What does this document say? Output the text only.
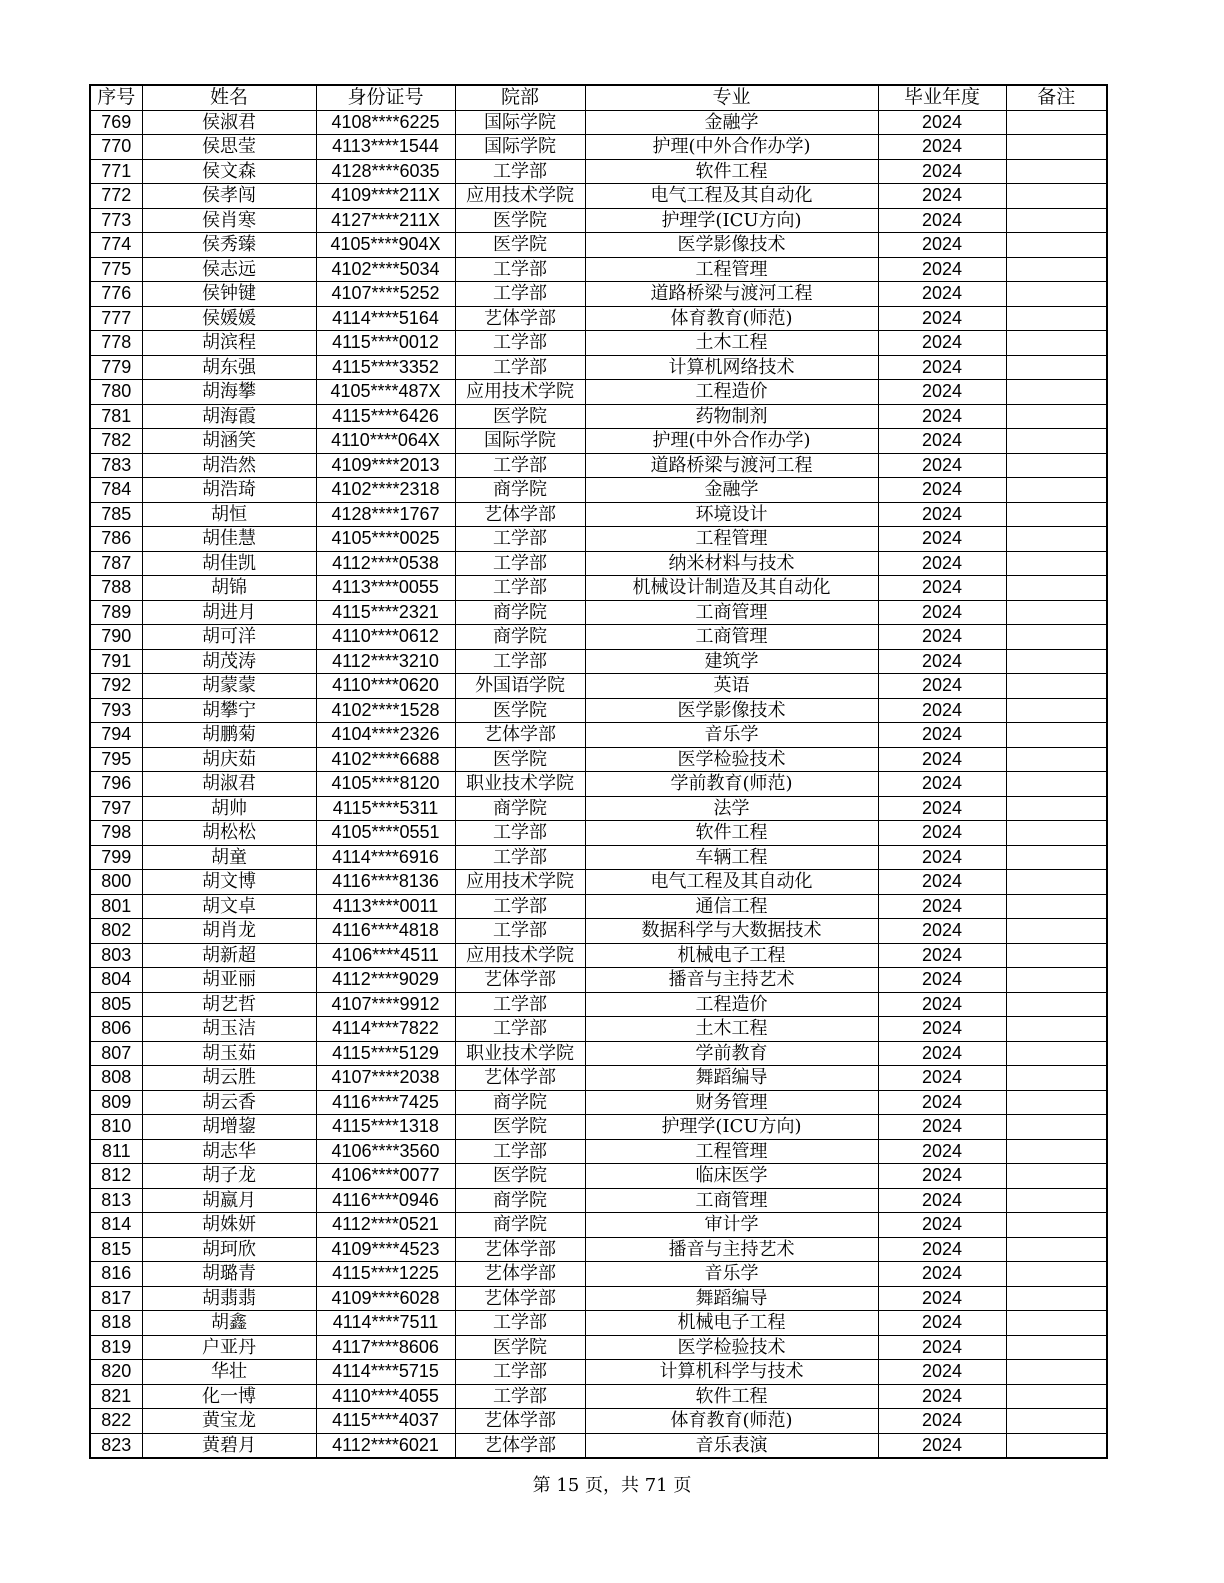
序号	姓名	身份证号	院部	专业	毕业年度	备注
769	侯淑君	4108****6225	国际学院	金融学	2024	
770	侯思莹	4113****1544	国际学院	护理(中外合作办学)	2024	
771	侯文森	4128****6035	工学部	软件工程	2024	
772	侯孝闯	4109****211X	应用技术学院	电气工程及其自动化	2024	
773	侯肖寒	4127****211X	医学院	护理学(ICU方向)	2024	
774	侯秀臻	4105****904X	医学院	医学影像技术	2024	
775	侯志远	4102****5034	工学部	工程管理	2024	
776	侯钟键	4107****5252	工学部	道路桥梁与渡河工程	2024	
777	侯媛媛	4114****5164	艺体学部	体育教育(师范)	2024	
778	胡滨程	4115****0012	工学部	土木工程	2024	
779	胡东强	4115****3352	工学部	计算机网络技术	2024	
780	胡海攀	4105****487X	应用技术学院	工程造价	2024	
781	胡海霞	4115****6426	医学院	药物制剂	2024	
782	胡涵笑	4110****064X	国际学院	护理(中外合作办学)	2024	
783	胡浩然	4109****2013	工学部	道路桥梁与渡河工程	2024	
784	胡浩琦	4102****2318	商学院	金融学	2024	
785	胡恒	4128****1767	艺体学部	环境设计	2024	
786	胡佳慧	4105****0025	工学部	工程管理	2024	
787	胡佳凯	4112****0538	工学部	纳米材料与技术	2024	
788	胡锦	4113****0055	工学部	机械设计制造及其自动化	2024	
789	胡进月	4115****2321	商学院	工商管理	2024	
790	胡可洋	4110****0612	商学院	工商管理	2024	
791	胡茂涛	4112****3210	工学部	建筑学	2024	
792	胡蒙蒙	4110****0620	外国语学院	英语	2024	
793	胡攀宁	4102****1528	医学院	医学影像技术	2024	
794	胡鹏菊	4104****2326	艺体学部	音乐学	2024	
795	胡庆茹	4102****6688	医学院	医学检验技术	2024	
796	胡淑君	4105****8120	职业技术学院	学前教育(师范)	2024	
797	胡帅	4115****5311	商学院	法学	2024	
798	胡松松	4105****0551	工学部	软件工程	2024	
799	胡童	4114****6916	工学部	车辆工程	2024	
800	胡文博	4116****8136	应用技术学院	电气工程及其自动化	2024	
801	胡文卓	4113****0011	工学部	通信工程	2024	
802	胡肖龙	4116****4818	工学部	数据科学与大数据技术	2024	
803	胡新超	4106****4511	应用技术学院	机械电子工程	2024	
804	胡亚丽	4112****9029	艺体学部	播音与主持艺术	2024	
805	胡艺哲	4107****9912	工学部	工程造价	2024	
806	胡玉洁	4114****7822	工学部	土木工程	2024	
807	胡玉茹	4115****5129	职业技术学院	学前教育	2024	
808	胡云胜	4107****2038	艺体学部	舞蹈编导	2024	
809	胡云香	4116****7425	商学院	财务管理	2024	
810	胡增鋆	4115****1318	医学院	护理学(ICU方向)	2024	
811	胡志华	4106****3560	工学部	工程管理	2024	
812	胡子龙	4106****0077	医学院	临床医学	2024	
813	胡嬴月	4116****0946	商学院	工商管理	2024	
814	胡姝妍	4112****0521	商学院	审计学	2024	
815	胡珂欣	4109****4523	艺体学部	播音与主持艺术	2024	
816	胡璐青	4115****1225	艺体学部	音乐学	2024	
817	胡翡翡	4109****6028	艺体学部	舞蹈编导	2024	
818	胡鑫	4114****7511	工学部	机械电子工程	2024	
819	户亚丹	4117****8606	医学院	医学检验技术	2024	
820	华壮	4114****5715	工学部	计算机科学与技术	2024	
821	化一博	4110****4055	工学部	软件工程	2024	
822	黄宝龙	4115****4037	艺体学部	体育教育(师范)	2024	
823	黄碧月	4112****6021	艺体学部	音乐表演	2024	
第 15 页，共 71 页
